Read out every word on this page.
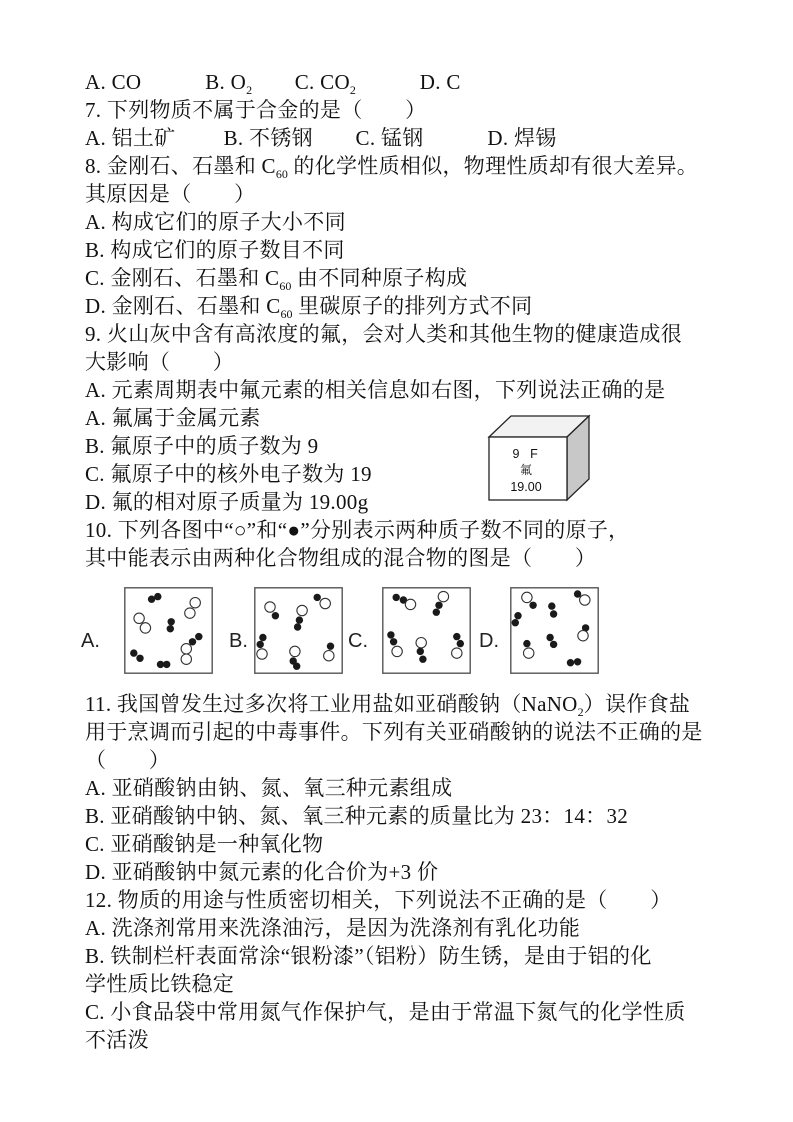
A. CO　　　B. $O_2$　　C. $CO_2$　　　D. C
7. 下列物质不属于合金的是（　　）
A. 铝土矿　　 B. 不锈钢　　C. 锰钢　　　D. 焊锡
8. 金刚石、石墨和 $C_{60}$ 的化学性质相似，物理性质却有很大差异。
其原因是（　　）
A. 构成它们的原子大小不同
B. 构成它们的原子数目不同
C. 金刚石、石墨和 $C_{60}$ 由不同种原子构成
D. 金刚石、石墨和 $C_{60}$ 里碳原子的排列方式不同
9. 火山灰中含有高浓度的氟，会对人类和其他生物的健康造成很
大影响（　　）
A. 元素周期表中氟元素的相关信息如右图，下列说法正确的是
A. 氟属于金属元素
B. 氟原子中的质子数为 9
C. 氟原子中的核外电子数为 19
D. 氟的相对原子质量为 19.00g
10. 下列各图中“○”和“●”分别表示两种质子数不同的原子，
其中能表示由两种化合物组成的混合物的图是（　　）
A.	B.	C.	D.
11. 我国曾发生过多次将工业用盐如亚硝酸钠（NaNO$_2$）误作食盐
用于烹调而引起的中毒事件。下列有关亚硝酸钠的说法不正确的是
（　　）
A. 亚硝酸钠由钠、氮、氧三种元素组成
B. 亚硝酸钠中钠、氮、氧三种元素的质量比为 23：14：32
C. 亚硝酸钠是一种氧化物
D. 亚硝酸钠中氮元素的化合价为+3 价
12. 物质的用途与性质密切相关，下列说法不正确的是（　　）
A. 洗涤剂常用来洗涤油污，是因为洗涤剂有乳化功能
B. 铁制栏杆表面常涂“银粉漆”（铝粉）防生锈，是由于铝的化
学性质比铁稳定
C. 小食品袋中常用氮气作保护气，是由于常温下氮气的化学性质
不活泼
9 F
氟
19.00
